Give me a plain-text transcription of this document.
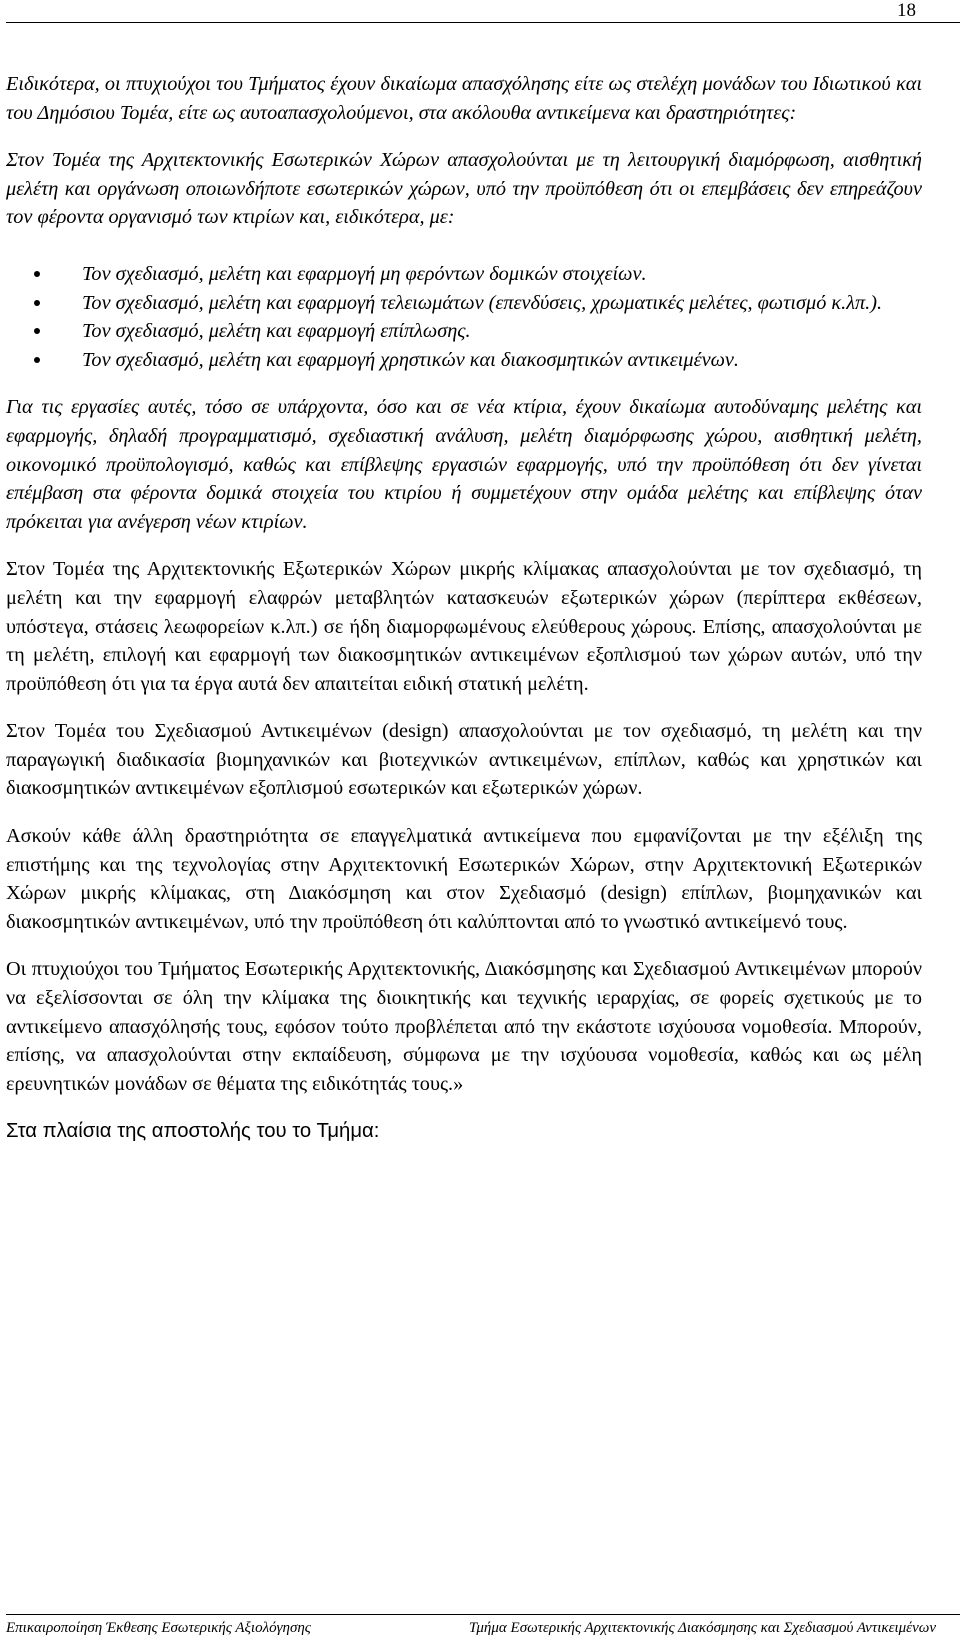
18

Ειδικότερα, οι πτυχιούχοι του Τμήματος έχουν δικαίωμα απασχόλησης είτε ως στελέχη μονάδων του Ιδιωτικού και του Δημόσιου Τομέα, είτε ως αυτοαπασχολούμενοι, στα ακόλουθα αντικείμενα και δραστηριότητες:

Στον Τομέα της Αρχιτεκτονικής Εσωτερικών Χώρων απασχολούνται με τη λειτουργική διαμόρφωση, αισθητική μελέτη και οργάνωση οποιωνδήποτε εσωτερικών χώρων, υπό την προϋπόθεση ότι οι επεμβάσεις δεν επηρεάζουν τον φέροντα οργανισμό των κτιρίων και, ειδικότερα, με:

Τον σχεδιασμό, μελέτη και εφαρμογή μη φερόντων δομικών στοιχείων.
Τον σχεδιασμό, μελέτη και εφαρμογή τελειωμάτων (επενδύσεις, χρωματικές μελέτες, φωτισμό κ.λπ.).
Τον σχεδιασμό, μελέτη και εφαρμογή επίπλωσης.
Τον σχεδιασμό, μελέτη και εφαρμογή χρηστικών και διακοσμητικών αντικειμένων.

Για τις εργασίες αυτές, τόσο σε υπάρχοντα, όσο και σε νέα κτίρια, έχουν δικαίωμα αυτοδύναμης μελέτης και εφαρμογής, δηλαδή προγραμματισμό, σχεδιαστική ανάλυση, μελέτη διαμόρφωσης χώρου, αισθητική μελέτη, οικονομικό προϋπολογισμό, καθώς και επίβλεψης εργασιών εφαρμογής, υπό την προϋπόθεση ότι δεν γίνεται επέμβαση στα φέροντα δομικά στοιχεία του κτιρίου ή συμμετέχουν στην ομάδα μελέτης και επίβλεψης όταν πρόκειται για ανέγερση νέων κτιρίων.

Στον Τομέα της Αρχιτεκτονικής Εξωτερικών Χώρων μικρής κλίμακας απασχολούνται με τον σχεδιασμό, τη μελέτη και την εφαρμογή ελαφρών μεταβλητών κατασκευών εξωτερικών χώρων (περίπτερα εκθέσεων, υπόστεγα, στάσεις λεωφορείων κ.λπ.) σε ήδη διαμορφωμένους ελεύθερους χώρους. Επίσης, απασχολούνται με τη μελέτη, επιλογή και εφαρμογή των διακοσμητικών αντικειμένων εξοπλισμού των χώρων αυτών, υπό την προϋπόθεση ότι για τα έργα αυτά δεν απαιτείται ειδική στατική μελέτη.

Στον Τομέα του Σχεδιασμού Αντικειμένων (design) απασχολούνται με τον σχεδιασμό, τη μελέτη και την παραγωγική διαδικασία βιομηχανικών και βιοτεχνικών αντικειμένων, επίπλων, καθώς και χρηστικών και διακοσμητικών αντικειμένων εξοπλισμού εσωτερικών και εξωτερικών χώρων.

Ασκούν κάθε άλλη δραστηριότητα σε επαγγελματικά αντικείμενα που εμφανίζονται με την εξέλιξη της επιστήμης και της τεχνολογίας στην Αρχιτεκτονική Εσωτερικών Χώρων, στην Αρχιτεκτονική Εξωτερικών Χώρων μικρής κλίμακας, στη Διακόσμηση και στον Σχεδιασμό (design) επίπλων, βιομηχανικών και διακοσμητικών αντικειμένων, υπό την προϋπόθεση ότι καλύπτονται από το γνωστικό αντικείμενό τους.

Οι πτυχιούχοι του Τμήματος Εσωτερικής Αρχιτεκτονικής, Διακόσμησης και Σχεδιασμού Αντικειμένων μπορούν να εξελίσσονται σε όλη την κλίμακα της διοικητικής και τεχνικής ιεραρχίας, σε φορείς σχετικούς με το αντικείμενο απασχόλησής τους, εφόσον τούτο προβλέπεται από την εκάστοτε ισχύουσα νομοθεσία. Μπορούν, επίσης, να απασχολούνται στην εκπαίδευση, σύμφωνα με την ισχύουσα νομοθεσία, καθώς και ως μέλη ερευνητικών μονάδων σε θέματα της ειδικότητάς τους.»

Στα πλαίσια της αποστολής του το Τμήμα:

Επικαιροποίηση Έκθεσης Εσωτερικής Αξιολόγησης	Τμήμα Εσωτερικής Αρχιτεκτονικής Διακόσμησης και Σχεδιασμού Αντικειμένων
